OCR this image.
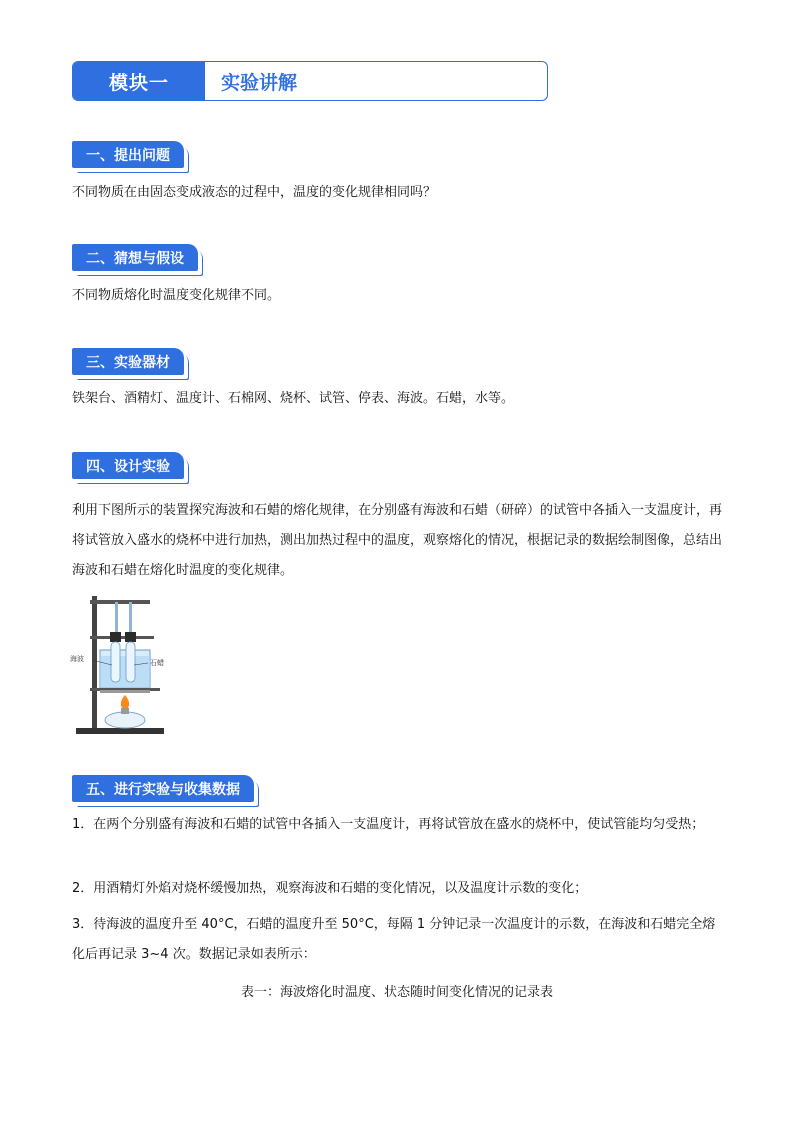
模块一	实验讲解
一、提出问题
不同物质在由固态变成液态的过程中，温度的变化规律相同吗？
二、猜想与假设
不同物质熔化时温度变化规律不同。
三、实验器材
铁架台、酒精灯、温度计、石棉网、烧杯、试管、停表、海波。石蜡，水等。
四、设计实验
利用下图所示的装置探究海波和石蜡的熔化规律，在分别盛有海波和石蜡（研碎）的试管中各插入一支温度计，再将试管放入盛水的烧杯中进行加热，测出加热过程中的温度，观察熔化的情况，根据记录的数据绘制图像，总结出海波和石蜡在熔化时温度的变化规律。
海波	石蜡
五、进行实验与收集数据
1．在两个分别盛有海波和石蜡的试管中各插入一支温度计，再将试管放在盛水的烧杯中，使试管能均匀受热；
2．用酒精灯外焰对烧杯缓慢加热，观察海波和石蜡的变化情况，以及温度计示数的变化；
3．待海波的温度升至 40°C，石蜡的温度升至 50°C，每隔 1 分钟记录一次温度计的示数，在海波和石蜡完全熔化后再记录 3~4 次。数据记录如表所示：
表一：海波熔化时温度、状态随时间变化情况的记录表
